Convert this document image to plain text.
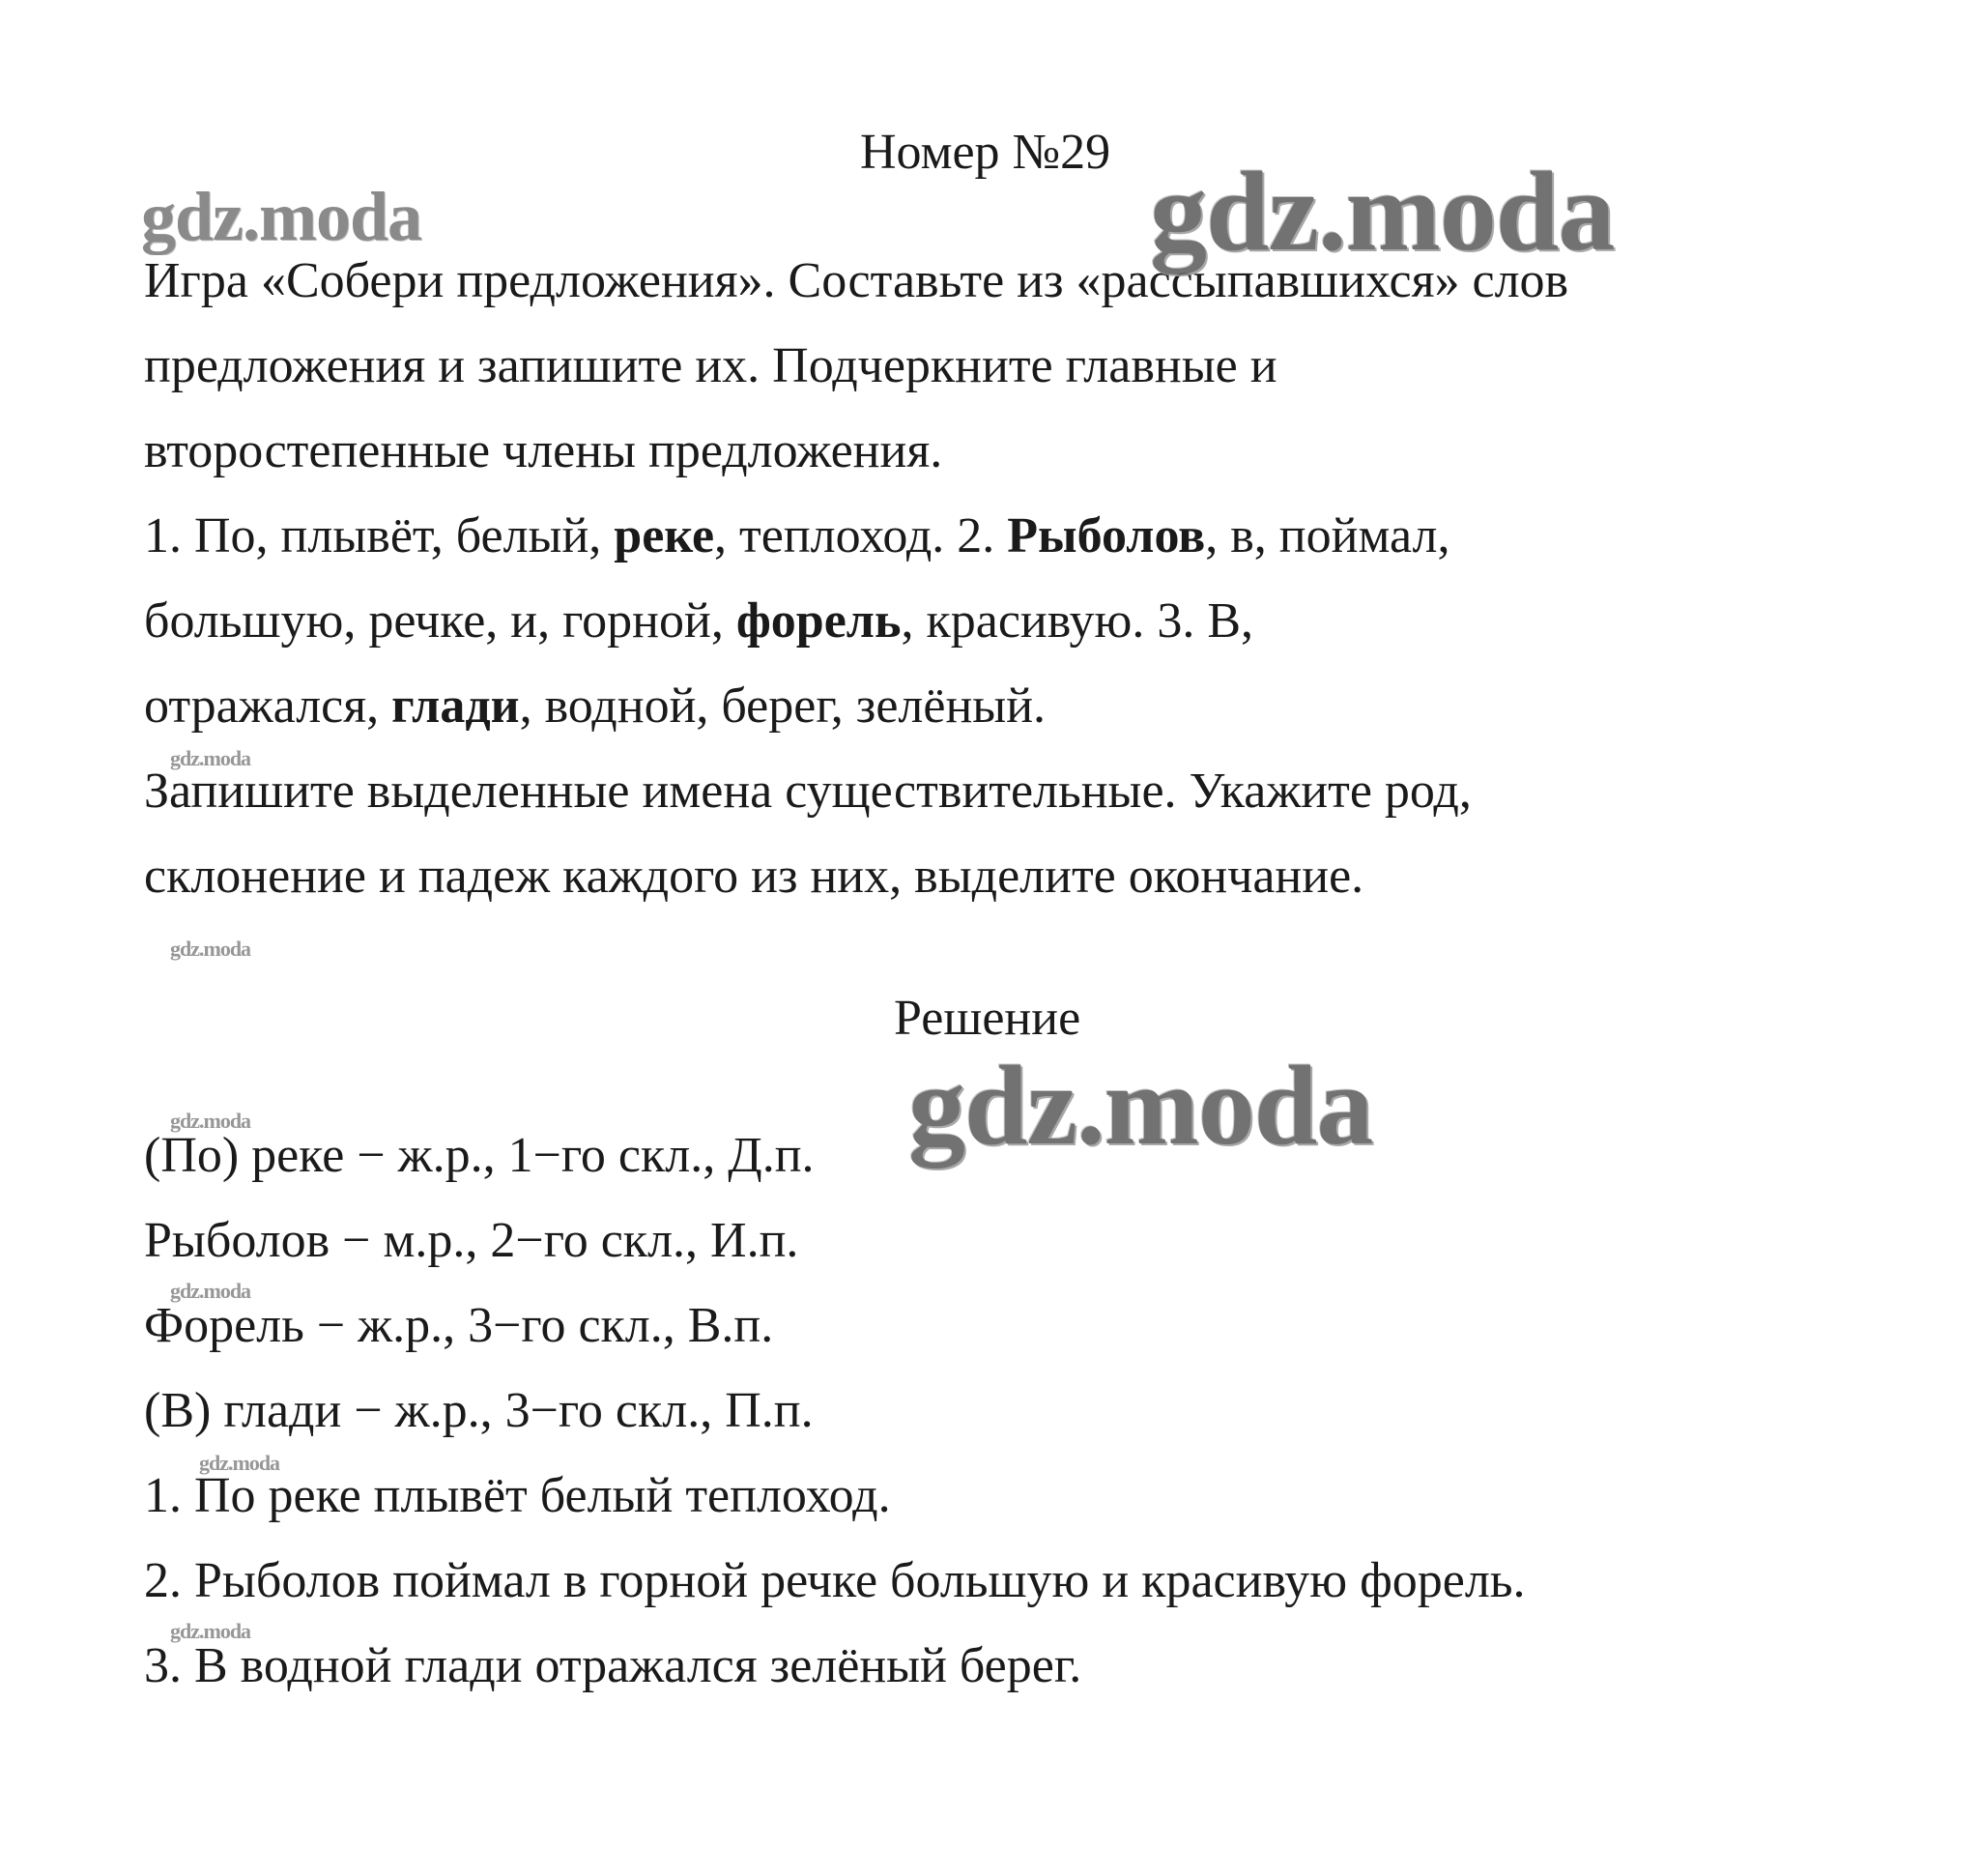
Номер №29
Игра «Собери предложения». Составьте из «рассыпавшихся» слов
предложения и запишите их. Подчеркните главные и
второстепенные члены предложения.
1. По, плывёт, белый, реке, теплоход. 2. Рыболов, в, поймал,
большую, речке, и, горной, форель, красивую. 3. В,
отражался, глади, водной, берег, зелёный.
Запишите выделенные имена существительные. Укажите род,
склонение и падеж каждого из них, выделите окончание.
Решение
(По) реке − ж.р., 1−го скл., Д.п.
Рыболов − м.р., 2−го скл., И.п.
Форель − ж.р., 3−го скл., В.п.
(В) глади − ж.р., 3−го скл., П.п.
1. По реке плывёт белый теплоход.
2. Рыболов поймал в горной речке большую и красивую форель.
3. В водной глади отражался зелёный берег.
gdz.moda
gdz.moda
gdz.moda
gdz.moda
gdz.moda
gdz.moda
gdz.moda
gdz.moda
gdz.moda
